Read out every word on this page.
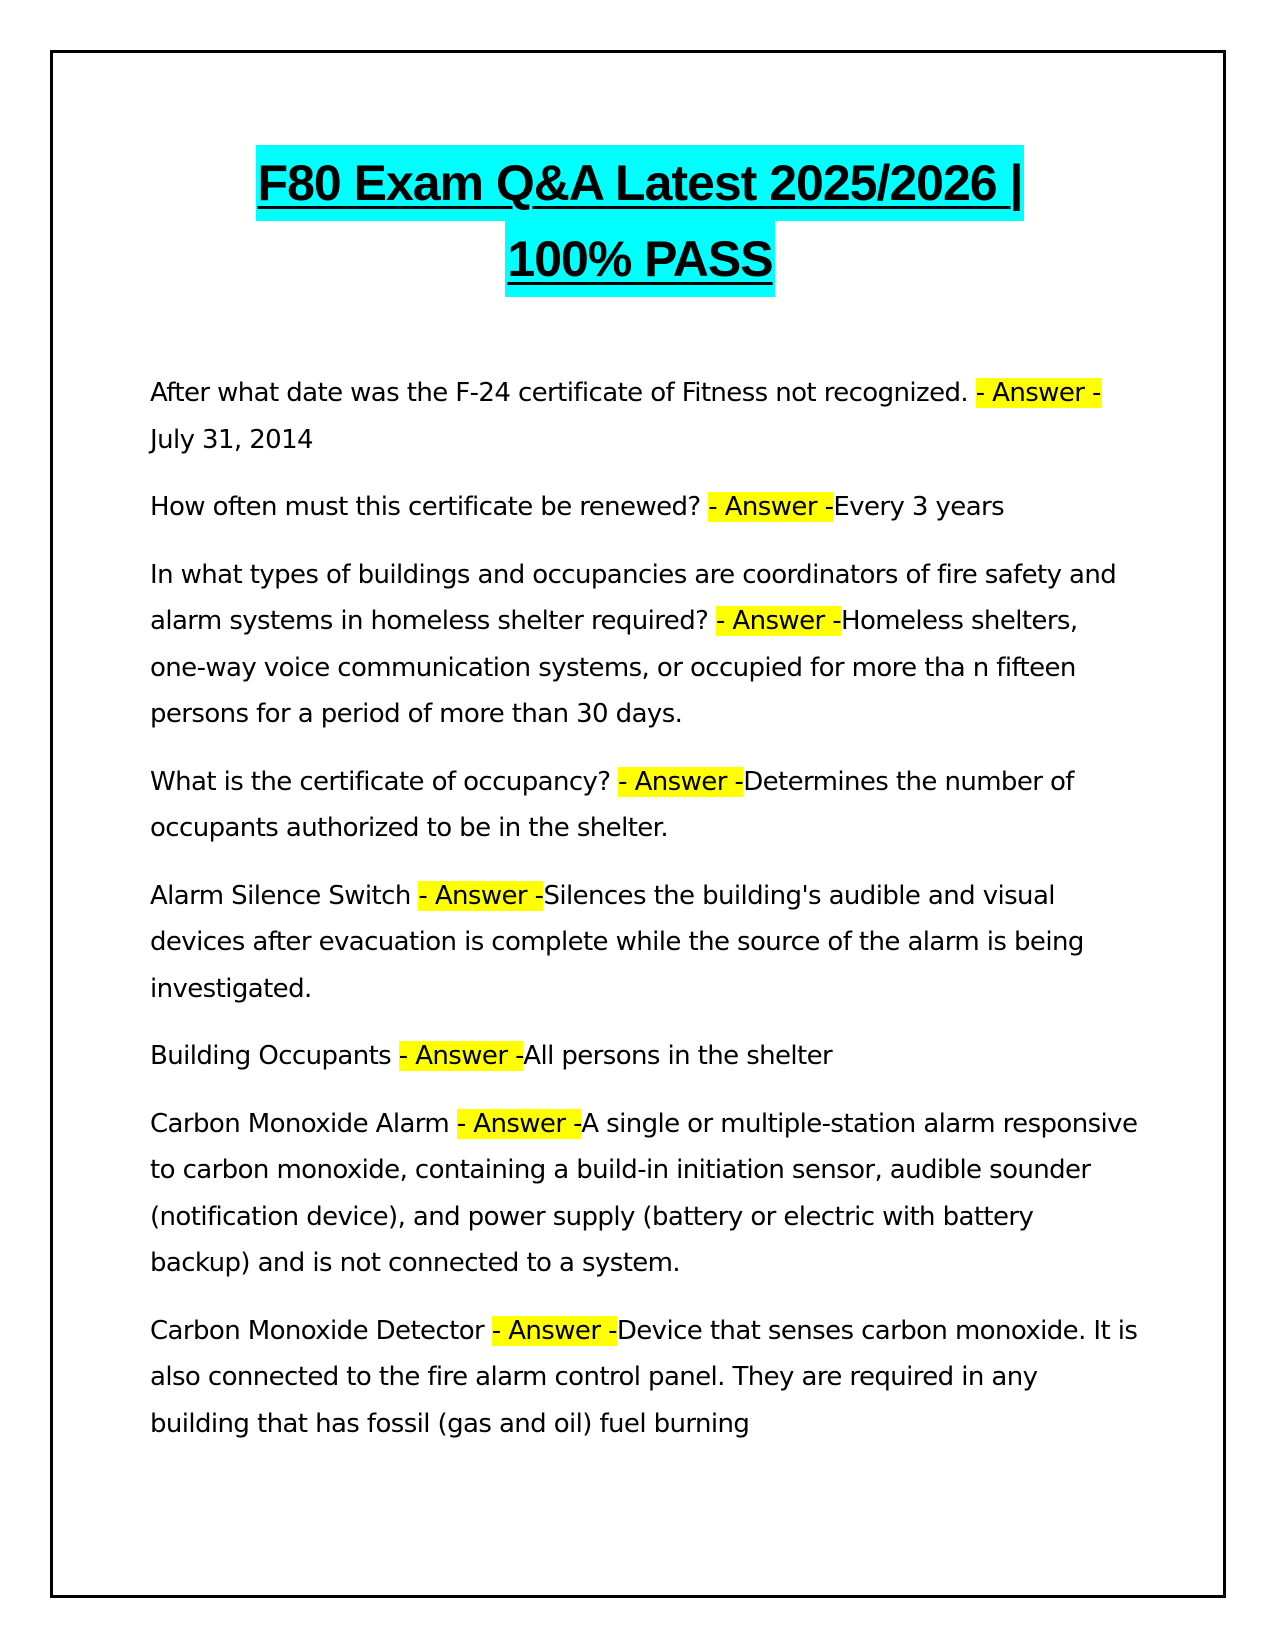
F80 Exam Q&A Latest 2025/2026 |
100% PASS

After what date was the F-24 certificate of Fitness not recognized. - Answer -July 31, 2014

How often must this certificate be renewed? - Answer -Every 3 years

In what types of buildings and occupancies are coordinators of fire safety and alarm systems in homeless shelter required? - Answer -Homeless shelters, one-way voice communication systems, or occupied for more tha n fifteen persons for a period of more than 30 days.

What is the certificate of occupancy? - Answer -Determines the number of occupants authorized to be in the shelter.

Alarm Silence Switch - Answer -Silences the building's audible and visual devices after evacuation is complete while the source of the alarm is being investigated.

Building Occupants - Answer -All persons in the shelter

Carbon Monoxide Alarm - Answer -A single or multiple-station alarm responsive to carbon monoxide, containing a build-in initiation sensor, audible sounder (notification device), and power supply (battery or electric with battery backup) and is not connected to a system.

Carbon Monoxide Detector - Answer -Device that senses carbon monoxide. It is also connected to the fire alarm control panel. They are required in any building that has fossil (gas and oil) fuel burning
